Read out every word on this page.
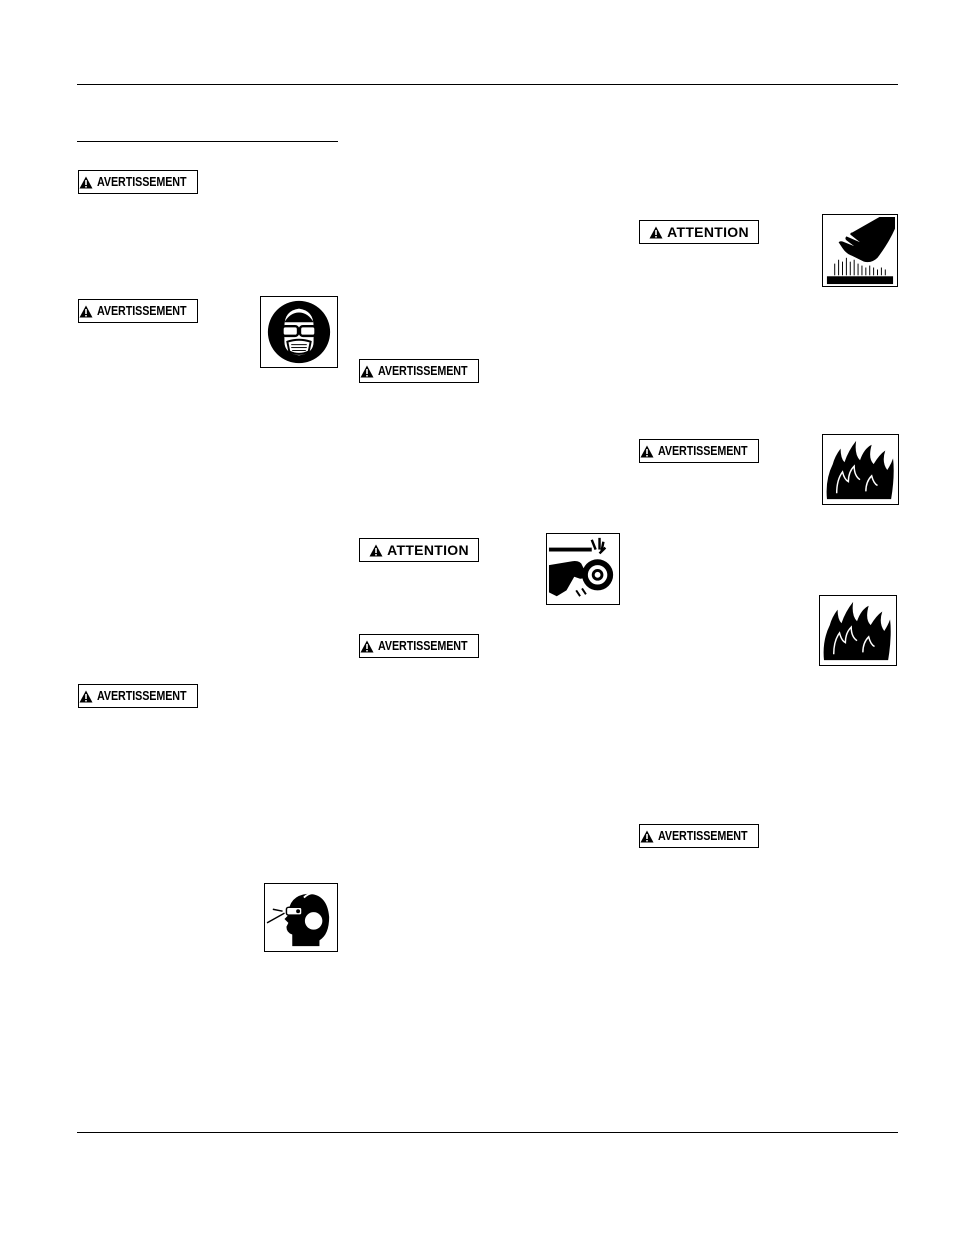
AVERTISSEMENT
AVERTISSEMENT
AVERTISSEMENT
AVERTISSEMENT
ATTENTION
AVERTISSEMENT
ATTENTION
AVERTISSEMENT
AVERTISSEMENT
